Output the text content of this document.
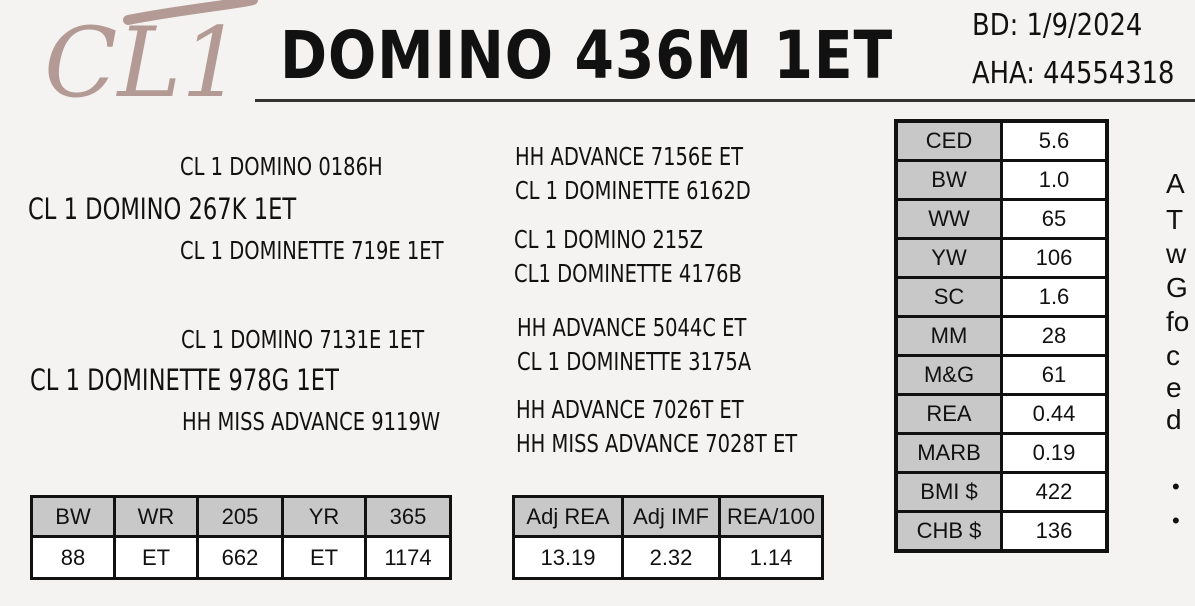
CL1 DOMINO 436M 1ET	BD: 1/9/2024
AHA: 44554318
CL 1 DOMINO 0186H
CL 1 DOMINO 267K 1ET
CL 1 DOMINETTE 719E 1ET
CL 1 DOMINO 7131E 1ET
CL 1 DOMINETTE 978G 1ET
HH MISS ADVANCE 9119W
HH ADVANCE 7156E ET
CL 1 DOMINETTE 6162D
CL 1 DOMINO 215Z
CL1 DOMINETTE 4176B
HH ADVANCE 5044C ET
CL 1 DOMINETTE 3175A
HH ADVANCE 7026T ET
HH MISS ADVANCE 7028T ET
BW	WR	205	YR	365
88	ET	662	ET	1174
Adj REA	Adj IMF	REA/100
13.19	2.32	1.14
CED	5.6
BW	1.0
WW	65
YW	106
SC	1.6
MM	28
M&G	61
REA	0.44
MARB	0.19
BMI $	422
CHB $	136
A
T
w
G
fo
c
e
d
•
•
